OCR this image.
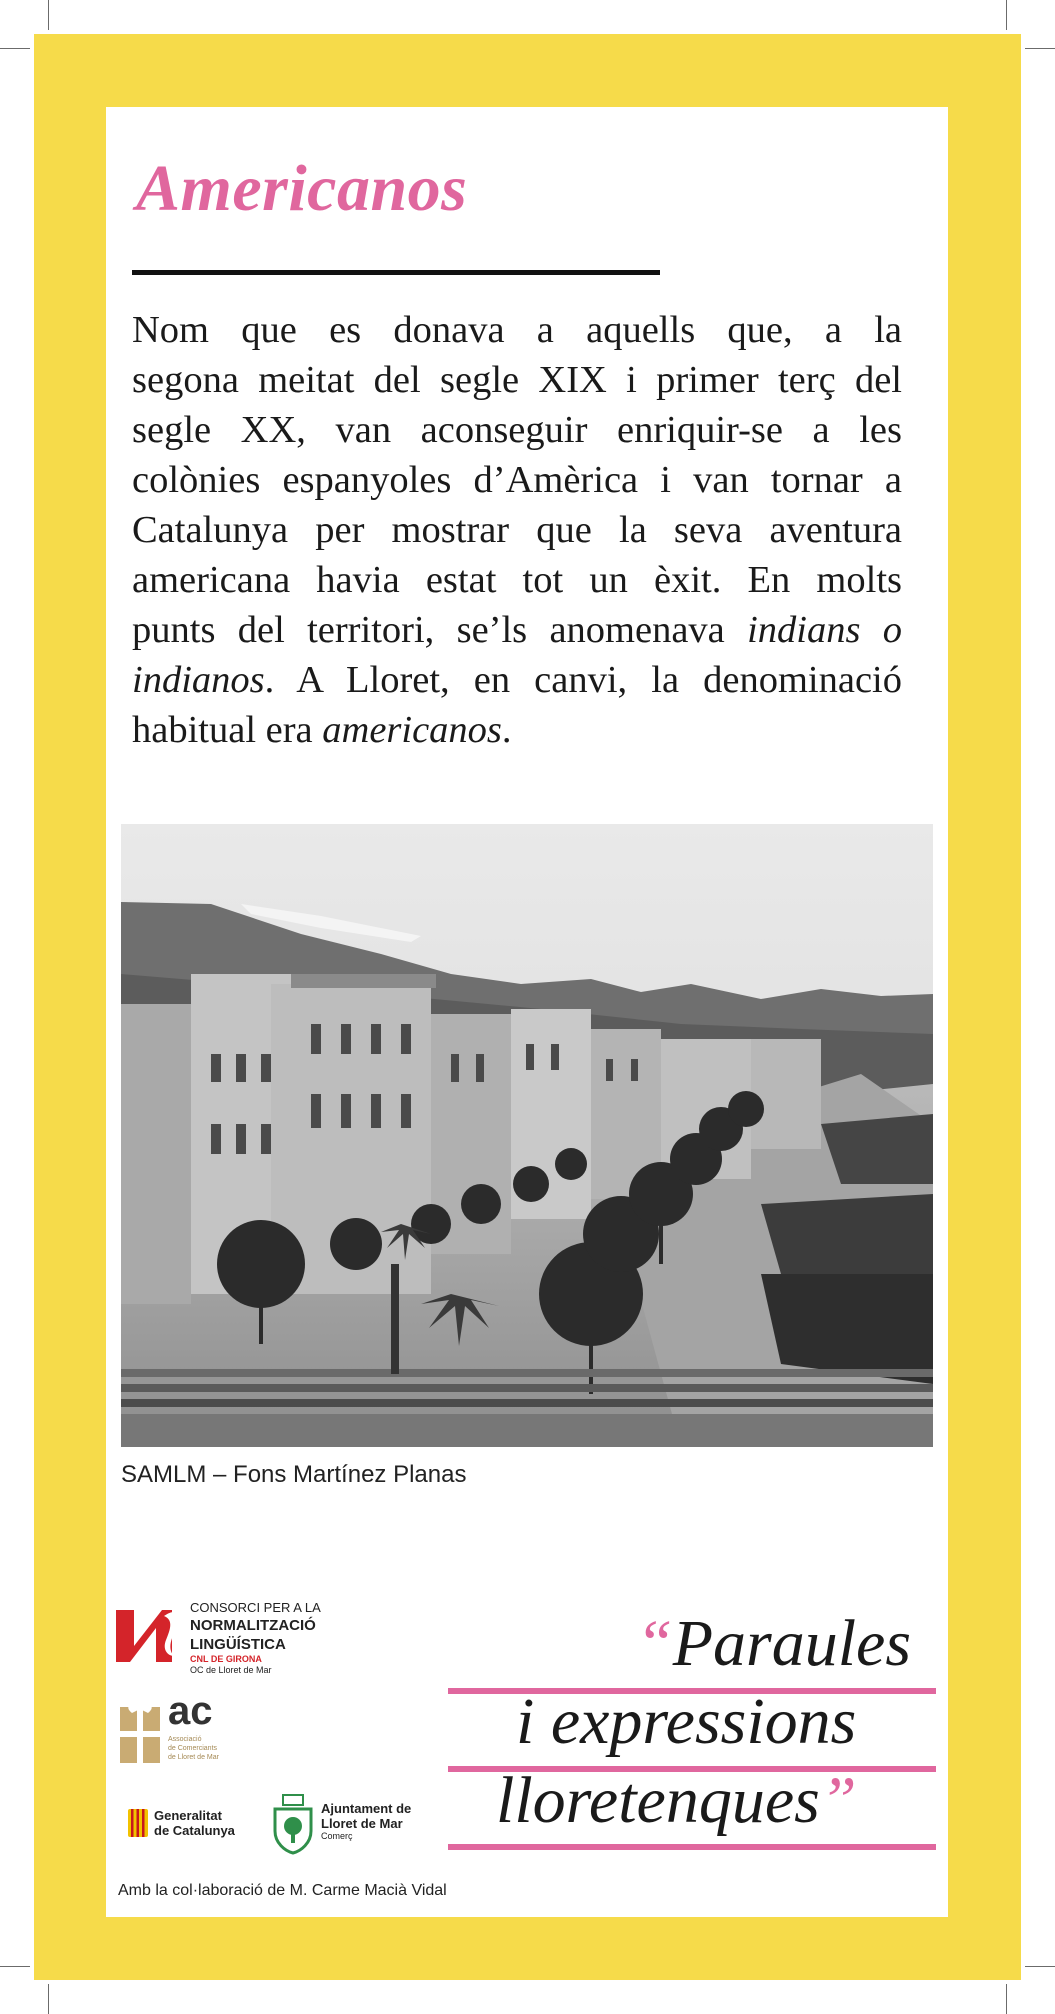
Americanos
Nom que es donava a aquells que, a la
segona meitat del segle XIX i primer terç del
segle XX, van aconseguir enriquir-se a les
colònies espanyoles d’Amèrica i van tornar a
Catalunya per mostrar que la seva aventura
americana havia estat tot un èxit. En molts
punts del territori, se’ls anomenava indians o
indianos. A Lloret, en canvi, la denominació
habitual era americanos.
SAMLM – Fons Martínez Planas
CONSORCI PER A LA
NORMALITZACIÓ
LINGÜÍSTICA
CNL DE GIRONA
OC de Lloret de Mar
ac
Associació
de Comerciants
de Lloret de Mar
Generalitat
de Catalunya
Ajuntament de
Lloret de Mar
Comerç
“Paraules
i expressions
lloretenques”
Amb la col·laboració de M. Carme Macià Vidal
